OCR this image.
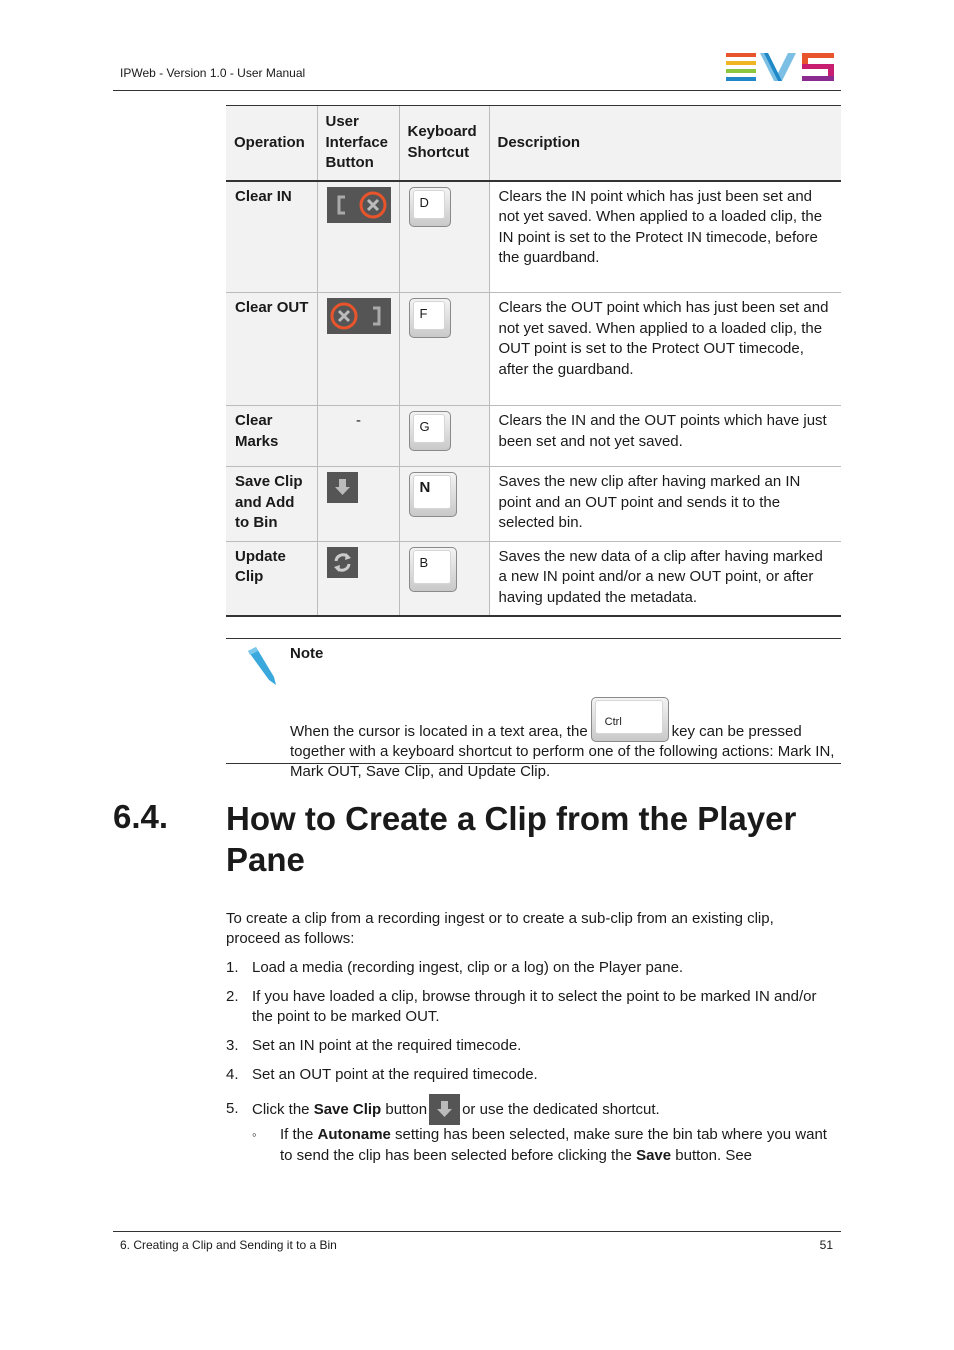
IPWeb - Version 1.0 - User Manual
Operation	User Interface Button	Keyboard Shortcut	Description
Clear IN		D	Clears the IN point which has just been set and not yet saved. When applied to a loaded clip, the IN point is set to the Protect IN timecode, before the guardband.
Clear OUT		F	Clears the OUT point which has just been set and not yet saved. When applied to a loaded clip, the OUT point is set to the Protect OUT timecode, after the guardband.
Clear Marks	-	G	Clears the IN and the OUT points which have just been set and not yet saved.
Save Clip and Add to Bin		N	Saves the new clip after having marked an IN point and an OUT point and sends it to the selected bin.
Update Clip		B	Saves the new data of a clip after having marked a new IN point and/or a new OUT point, or after having updated the metadata.
Note
When the cursor is located in a text area, the
Ctrl
key can be pressed together with a keyboard shortcut to perform one of the following actions: Mark IN, Mark OUT, Save Clip, and Update Clip.
6.4. How to Create a Clip from the Player Pane
To create a clip from a recording ingest or to create a sub-clip from an existing clip, proceed as follows:
1. Load a media (recording ingest, clip or a log) on the Player pane.
2. If you have loaded a clip, browse through it to select the point to be marked IN and/or the point to be marked OUT.
3. Set an IN point at the required timecode.
4. Set an OUT point at the required timecode.
5. Click the Save Clip button or use the dedicated shortcut.
◦ If the Autoname setting has been selected, make sure the bin tab where you want to send the clip has been selected before clicking the Save button. See
6. Creating a Clip and Sending it to a Bin	51
